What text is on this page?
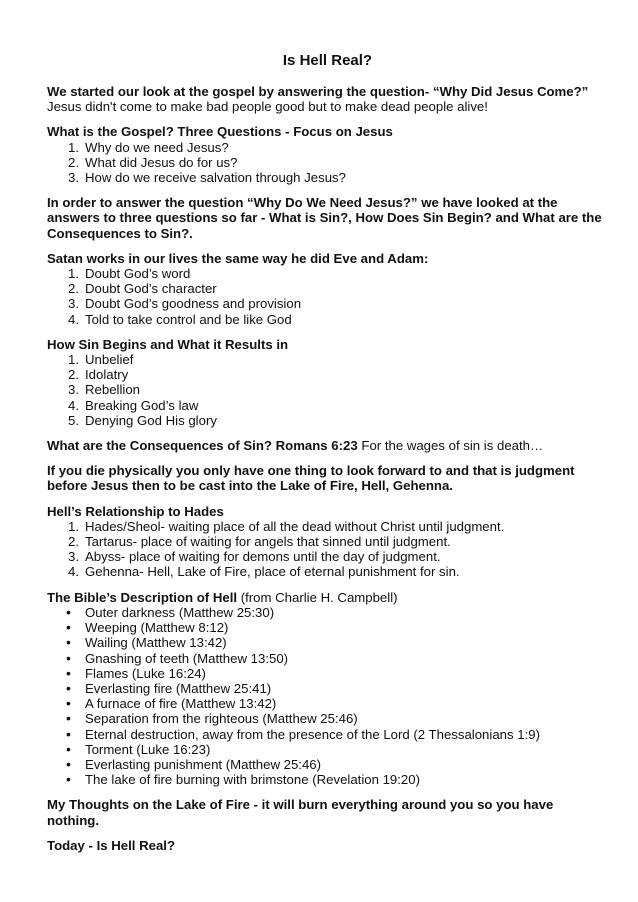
Is Hell Real?

We started our look at the gospel by answering the question- “Why Did Jesus Come?”

Jesus didn't come to make bad people good but to make dead people alive!

What is the Gospel? Three Questions - Focus on Jesus

1. Why do we need Jesus?
2. What did Jesus do for us?
3. How do we receive salvation through Jesus?

In order to answer the question “Why Do We Need Jesus?” we have looked at the answers to three questions so far - What is Sin?, How Does Sin Begin? and What are the Consequences to Sin?.

Satan works in our lives the same way he did Eve and Adam:

1. Doubt God’s word
2. Doubt God’s character
3. Doubt God’s goodness and provision
4. Told to take control and be like God

How Sin Begins and What it Results in

1. Unbelief
2. Idolatry
3. Rebellion
4. Breaking God’s law
5. Denying God His glory

What are the Consequences of Sin? Romans 6:23 For the wages of sin is death…

If you die physically you only have one thing to look forward to and that is judgment before Jesus then to be cast into the Lake of Fire, Hell, Gehenna.

Hell’s Relationship to Hades

1. Hades/Sheol- waiting place of all the dead without Christ until judgment.
2. Tartarus- place of waiting for angels that sinned until judgment.
3. Abyss- place of waiting for demons until the day of judgment.
4. Gehenna- Hell, Lake of Fire, place of eternal punishment for sin.

The Bible’s Description of Hell (from Charlie H. Campbell)

• Outer darkness (Matthew 25:30)
• Weeping (Matthew 8:12)
• Wailing (Matthew 13:42)
• Gnashing of teeth (Matthew 13:50)
• Flames (Luke 16:24)
• Everlasting fire (Matthew 25:41)
• A furnace of fire (Matthew 13:42)
• Separation from the righteous (Matthew 25:46)
• Eternal destruction, away from the presence of the Lord (2 Thessalonians 1:9)
• Torment (Luke 16:23)
• Everlasting punishment (Matthew 25:46)
• The lake of fire burning with brimstone (Revelation 19:20)

My Thoughts on the Lake of Fire - it will burn everything around you so you have nothing.

Today - Is Hell Real?
